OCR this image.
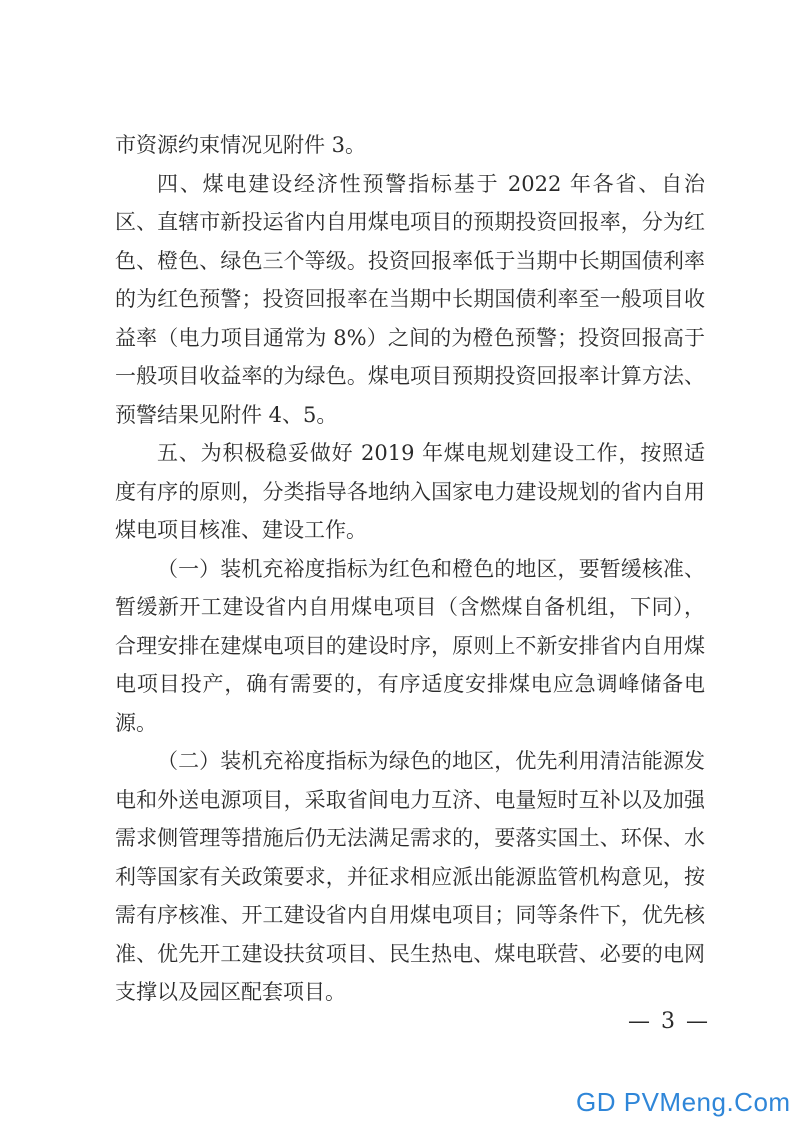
市资源约束情况见附件 3。

四、煤电建设经济性预警指标基于 2022 年各省、自治区、直辖市新投运省内自用煤电项目的预期投资回报率，分为红色、橙色、绿色三个等级。投资回报率低于当期中长期国债利率的为红色预警；投资回报率在当期中长期国债利率至一般项目收益率（电力项目通常为 8%）之间的为橙色预警；投资回报高于一般项目收益率的为绿色。煤电项目预期投资回报率计算方法、预警结果见附件 4、5。

五、为积极稳妥做好 2019 年煤电规划建设工作，按照适度有序的原则，分类指导各地纳入国家电力建设规划的省内自用煤电项目核准、建设工作。

（一）装机充裕度指标为红色和橙色的地区，要暂缓核准、暂缓新开工建设省内自用煤电项目（含燃煤自备机组，下同），合理安排在建煤电项目的建设时序，原则上不新安排省内自用煤电项目投产，确有需要的，有序适度安排煤电应急调峰储备电源。

（二）装机充裕度指标为绿色的地区，优先利用清洁能源发电和外送电源项目，采取省间电力互济、电量短时互补以及加强需求侧管理等措施后仍无法满足需求的，要落实国土、环保、水利等国家有关政策要求，并征求相应派出能源监管机构意见，按需有序核准、开工建设省内自用煤电项目；同等条件下，优先核准、优先开工建设扶贫项目、民生热电、煤电联营、必要的电网支撑以及园区配套项目。

— 3 —
GD PVMeng.Com
